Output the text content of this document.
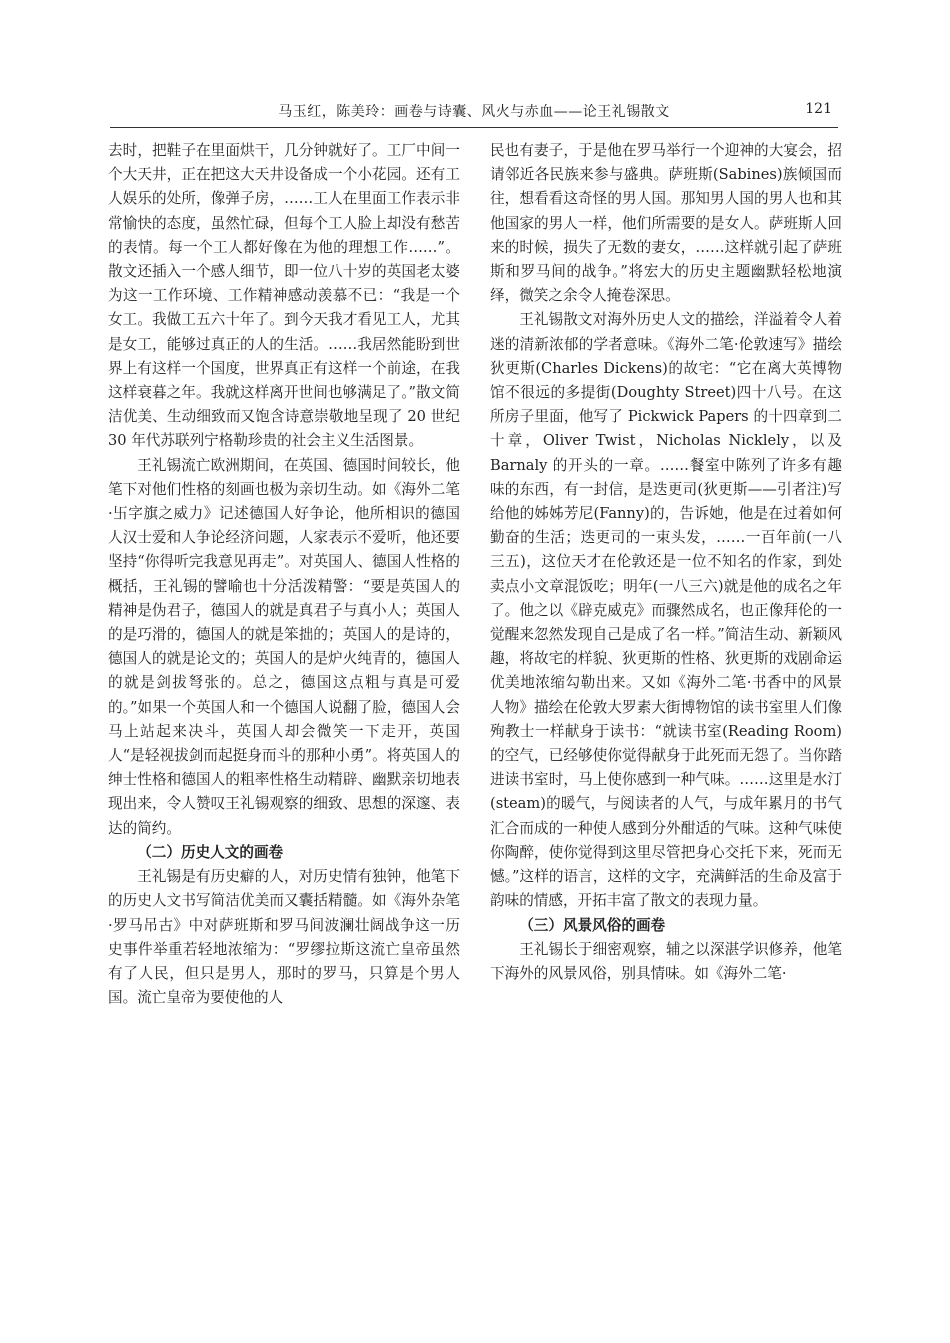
马玉红，陈美玲：画卷与诗囊、风火与赤血——论王礼锡散文	121

去时，把鞋子在里面烘干，几分钟就好了。工厂中间一个大天井，正在把这大天井设备成一个小花园。还有工人娱乐的处所，像弹子房，……工人在里面工作表示非常愉快的态度，虽然忙碌，但每个工人脸上却没有愁苦的表情。每一个工人都好像在为他的理想工作……”。散文还插入一个感人细节，即一位八十岁的英国老太婆为这一工作环境、工作精神感动羡慕不已：“我是一个女工。我做工五六十年了。到今天我才看见工人，尤其是女工，能够过真正的人的生活。……我居然能盼到世界上有这样一个国度，世界真正有这样一个前途，在我这样衰暮之年。我就这样离开世间也够满足了。”散文简洁优美、生动细致而又饱含诗意崇敬地呈现了 20 世纪 30 年代苏联列宁格勒珍贵的社会主义生活图景。

王礼锡流亡欧洲期间，在英国、德国时间较长，他笔下对他们性格的刻画也极为亲切生动。如《海外二笔·卐字旗之威力》记述德国人好争论，他所相识的德国人汉士爱和人争论经济问题，人家表示不爱听，他还要坚持“你得听完我意见再走”。对英国人、德国人性格的概括，王礼锡的譬喻也十分活泼精警：“要是英国人的精神是伪君子，德国人的就是真君子与真小人；英国人的是巧滑的，德国人的就是笨拙的；英国人的是诗的，德国人的就是论文的；英国人的是炉火纯青的，德国人的就是剑拔弩张的。总之，德国这点粗与真是可爱的。”如果一个英国人和一个德国人说翻了脸，德国人会马上站起来决斗，英国人却会微笑一下走开，英国人“是轻视拔剑而起挺身而斗的那种小勇”。将英国人的绅士性格和德国人的粗率性格生动精辟、幽默亲切地表现出来，令人赞叹王礼锡观察的细致、思想的深邃、表达的简约。

（二）历史人文的画卷

王礼锡是有历史癖的人，对历史情有独钟，他笔下的历史人文书写简洁优美而又囊括精髓。如《海外杂笔·罗马吊古》中对萨班斯和罗马间波澜壮阔战争这一历史事件举重若轻地浓缩为：“罗缪拉斯这流亡皇帝虽然有了人民，但只是男人，那时的罗马，只算是个男人国。流亡皇帝为要使他的人

民也有妻子，于是他在罗马举行一个迎神的大宴会，招请邻近各民族来参与盛典。萨班斯(Sabines)族倾国而往，想看看这奇怪的男人国。那知男人国的男人也和其他国家的男人一样，他们所需要的是女人。萨班斯人回来的时候，损失了无数的妻女，……这样就引起了萨班斯和罗马间的战争。”将宏大的历史主题幽默轻松地演绎，微笑之余令人掩卷深思。

王礼锡散文对海外历史人文的描绘，洋溢着令人着迷的清新浓郁的学者意味。《海外二笔·伦敦速写》描绘狄更斯(Charles Dickens)的故宅：“它在离大英博物馆不很远的多提街(Doughty Street)四十八号。在这所房子里面，他写了 Pickwick Papers 的十四章到二十章，Oliver Twist，Nicholas Nicklely，以及 Barnaly 的开头的一章。……餐室中陈列了许多有趣味的东西，有一封信，是迭更司(狄更斯——引者注)写给他的姊姊芳尼(Fanny)的，告诉她，他是在过着如何勤奋的生活；迭更司的一束头发，……一百年前(一八三五)，这位天才在伦敦还是一位不知名的作家，到处卖点小文章混饭吃；明年(一八三六)就是他的成名之年了。他之以《辟克威克》而骤然成名，也正像拜伦的一觉醒来忽然发现自己是成了名一样。”简洁生动、新颖风趣，将故宅的样貌、狄更斯的性格、狄更斯的戏剧命运优美地浓缩勾勒出来。又如《海外二笔·书香中的风景人物》描绘在伦敦大罗素大街博物馆的读书室里人们像殉教士一样献身于读书：“就读书室(Reading Room)的空气，已经够使你觉得献身于此死而无怨了。当你踏进读书室时，马上使你感到一种气味。……这里是水汀(steam)的暖气，与阅读者的人气，与成年累月的书气汇合而成的一种使人感到分外酣适的气味。这种气味使你陶醉，使你觉得到这里尽管把身心交托下来，死而无憾。”这样的语言，这样的文字，充满鲜活的生命及富于韵味的情感，开拓丰富了散文的表现力量。

（三）风景风俗的画卷

王礼锡长于细密观察，辅之以深湛学识修养，他笔下海外的风景风俗，别具情味。如《海外二笔·
